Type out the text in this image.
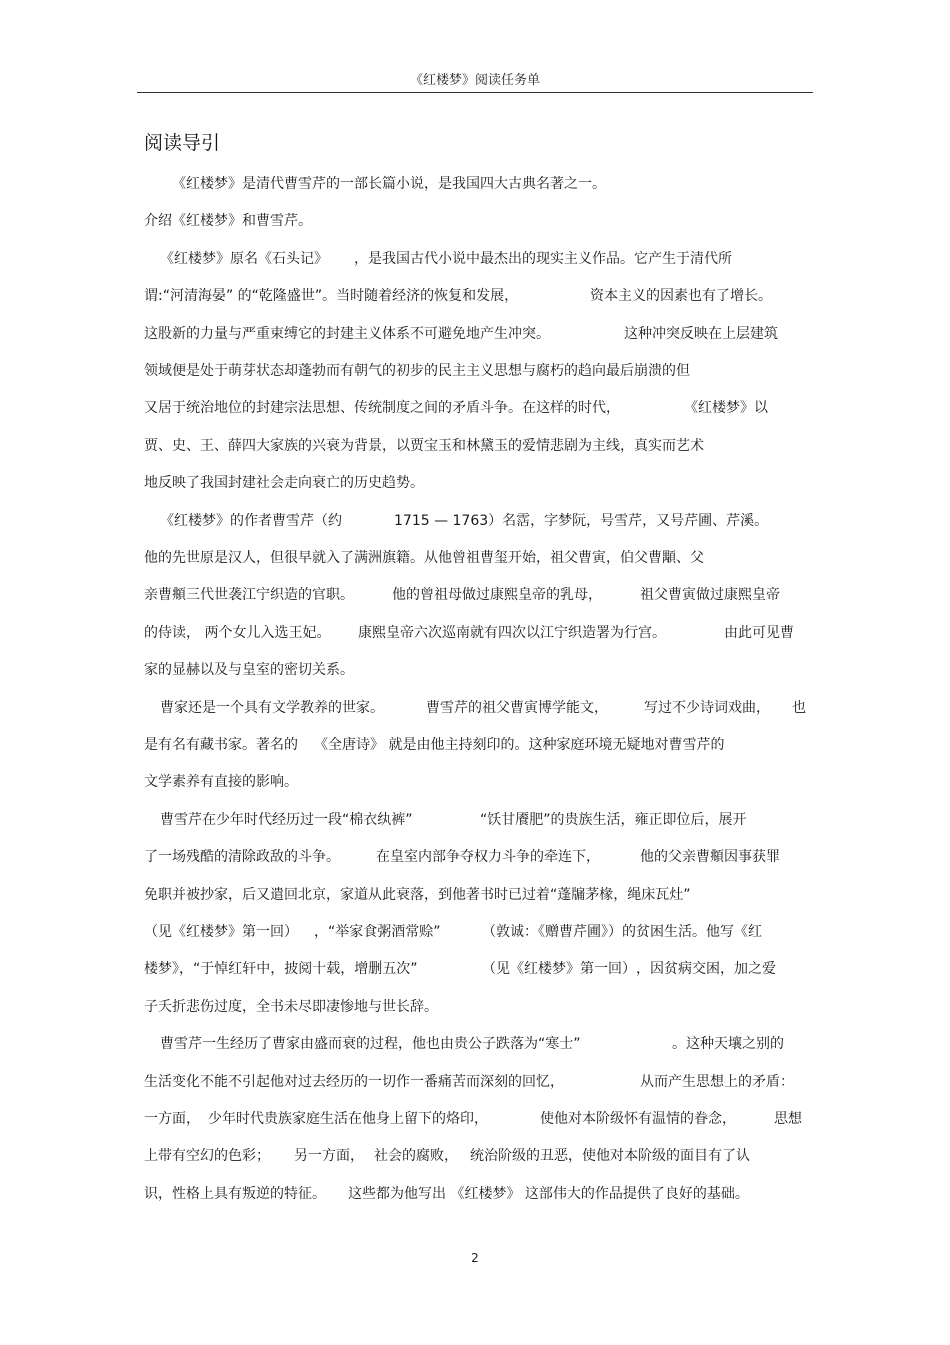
《红楼梦》阅读任务单
阅读导引
《红楼梦》是清代曹雪芹的一部长篇小说，是我国四大古典名著之一。
介绍《红楼梦》和曹雪芹。
《红楼梦》原名《石头记》 ，是我国古代小说中最杰出的现实主义作品。它产生于清代所
谓:“河清海晏” 的“乾隆盛世”。当时随着经济的恢复和发展，	资本主义的因素也有了增长。
这股新的力量与严重束缚它的封建主义体系不可避免地产生冲突。	这种冲突反映在上层建筑
领域便是处于萌芽状态却蓬勃而有朝气的初步的民主主义思想与腐朽的趋向最后崩溃的但
又居于统治地位的封建宗法思想、传统制度之间的矛盾斗争。在这样的时代，	《红楼梦》以
贾、史、王、薛四大家族的兴衰为背景，以贾宝玉和林黛玉的爱情悲剧为主线，真实而艺术
地反映了我国封建社会走向衰亡的历史趋势。
《红楼梦》的作者曹雪芹（约	1715 — 1763）名霑，字梦阮，号雪芹，又号芹圃、芹溪。
他的先世原是汉人，但很早就入了满洲旗籍。从他曾祖曹玺开始，祖父曹寅，伯父曹顒、父
亲曹頫三代世袭江宁织造的官职。	他的曾祖母做过康熙皇帝的乳母，	祖父曹寅做过康熙皇帝
的侍读， 两个女儿入选王妃。 康熙皇帝六次巡南就有四次以江宁织造署为行宫。	由此可见曹
家的显赫以及与皇室的密切关系。
曹家还是一个具有文学教养的世家。	曹雪芹的祖父曹寅博学能文，	写过不少诗词戏曲， 也
是有名有藏书家。著名的 《全唐诗》 就是由他主持刻印的。这种家庭环境无疑地对曹雪芹的
文学素养有直接的影响。
曹雪芹在少年时代经历过一段“棉衣纨裤”	“饫甘餍肥”的贵族生活，雍正即位后，展开
了一场残酷的清除政敌的斗争。	在皇室内部争夺权力斗争的牵连下，	他的父亲曹頫因事获罪
免职并被抄家，后又遣回北京，家道从此衰落，到他著书时已过着“蓬牖茅椽，绳床瓦灶”
（见《红楼梦》第一回） ，“举家食粥酒常赊”	（敦诚：《赠曹芹圃》）的贫困生活。他写《红
楼梦》，“于悼红轩中，披阅十载，增删五次”	（见《红楼梦》第一回） ，因贫病交困，加之爱
子夭折悲伤过度，全书未尽即凄惨地与世长辞。
曹雪芹一生经历了曹家由盛而衰的过程，他也由贵公子跌落为“寒士”	。这种天壤之别的
生活变化不能不引起他对过去经历的一切作一番痛苦而深刻的回忆，	从而产生思想上的矛盾：
一方面， 少年时代贵族家庭生活在他身上留下的烙印，	使他对本阶级怀有温情的眷念，	思想
上带有空幻的色彩； 另一方面， 社会的腐败， 统治阶级的丑恶，使他对本阶级的面目有了认
识，性格上具有叛逆的特征。 这些都为他写出 《红楼梦》 这部伟大的作品提供了良好的基础。
2
